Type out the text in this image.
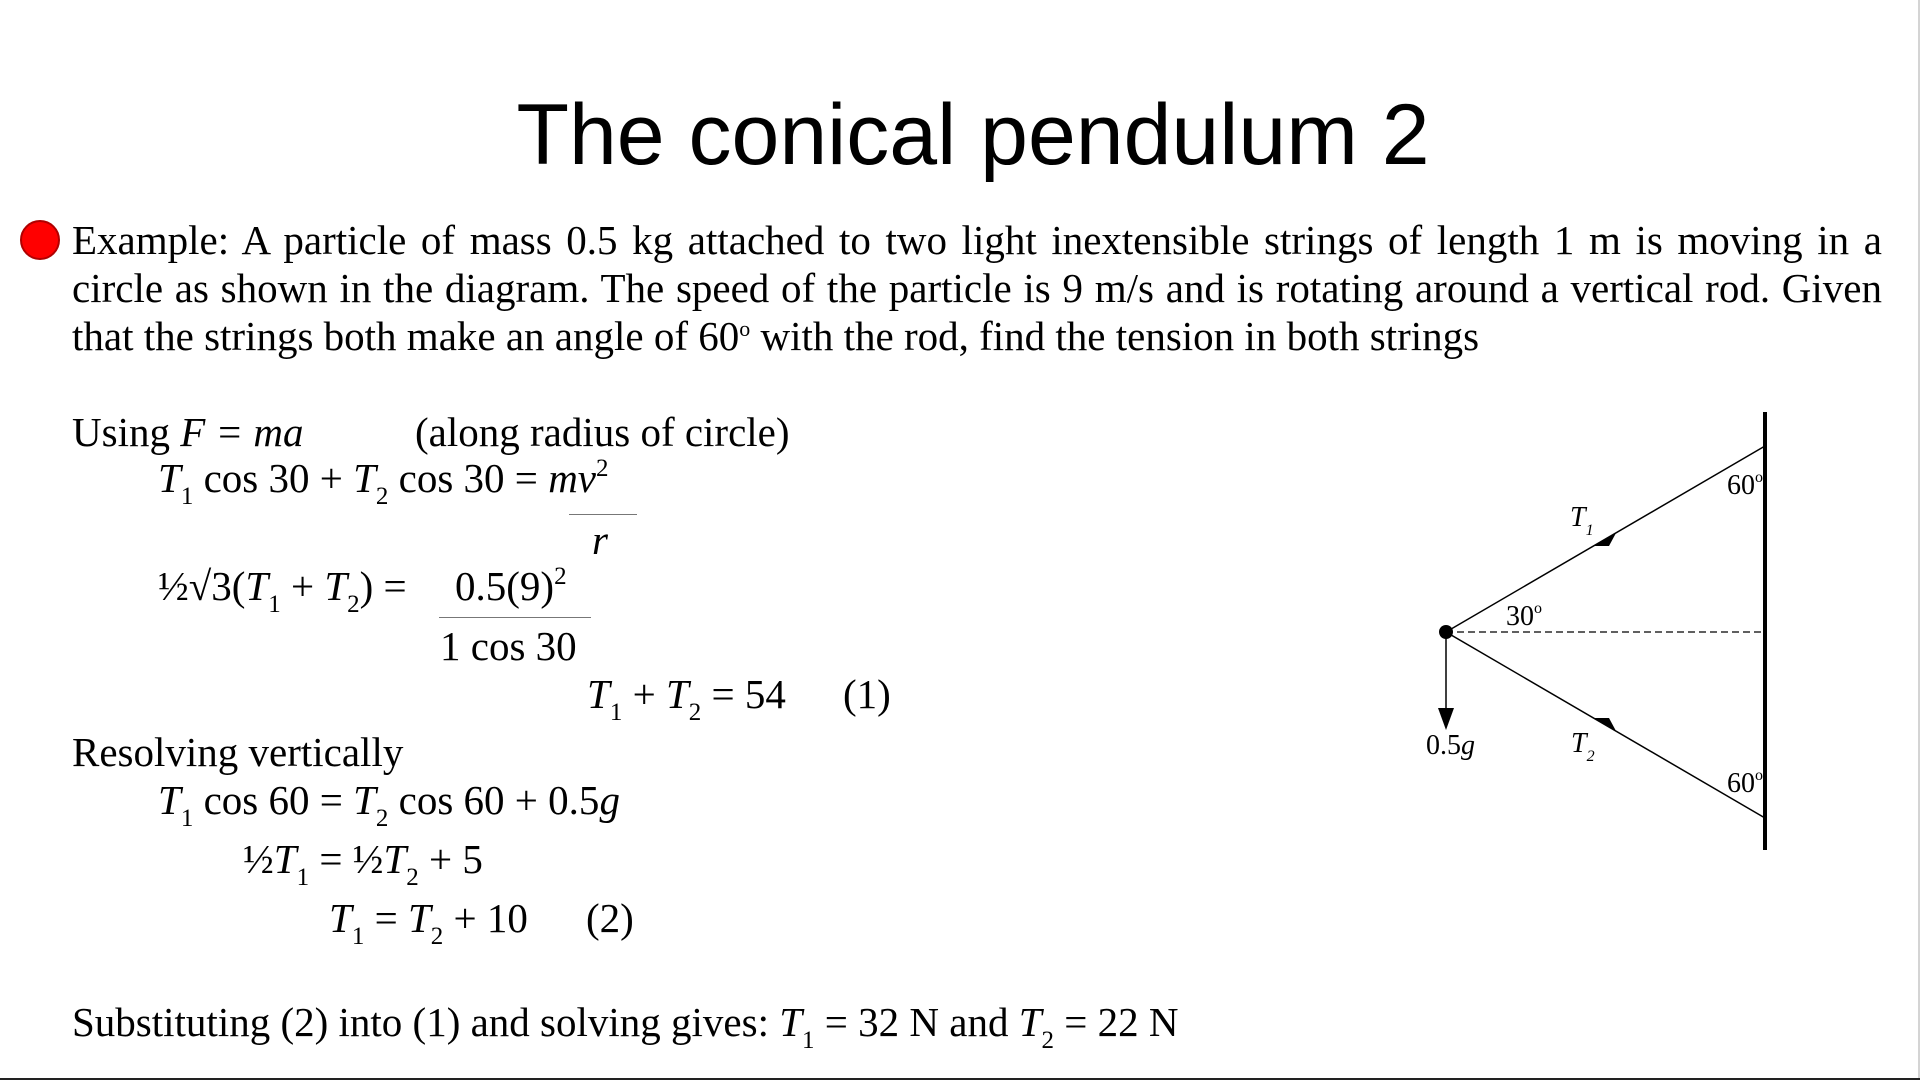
The conical pendulum 2
Example: A particle of mass 0.5 kg attached to two light inextensible strings of length 1 m is moving in a circle as shown in the diagram. The speed of the particle is 9 m/s and is rotating around a vertical rod. Given that the strings both make an angle of 60$^o$ with the rod, find the tension in both strings
Using F = ma	(along radius of circle)
$T_1$ $\cos 30 + T_2$ $\cos 30 = mv^2$
r
$\frac{1}{2}√3(T_1 + T_2) = 0.5(9)^2$
1 cos 30
$T_1 + T_2 = 54$ (1)
Resolving vertically
$T_1$ $\cos 60 = T_2$ cos 60 + 0.5g
$\frac{1}{2}T_1$ = $\frac{1}{2}T_2 + 5$
$T_1 = T_2 + 10$ (2)
Substituting (2) into (1) and solving gives: $T_1 = 32$ N and $T_2 = 22$ N
60$^o$
60$^o$
30$^o$
$T_1$
$T_2$
0.5g
